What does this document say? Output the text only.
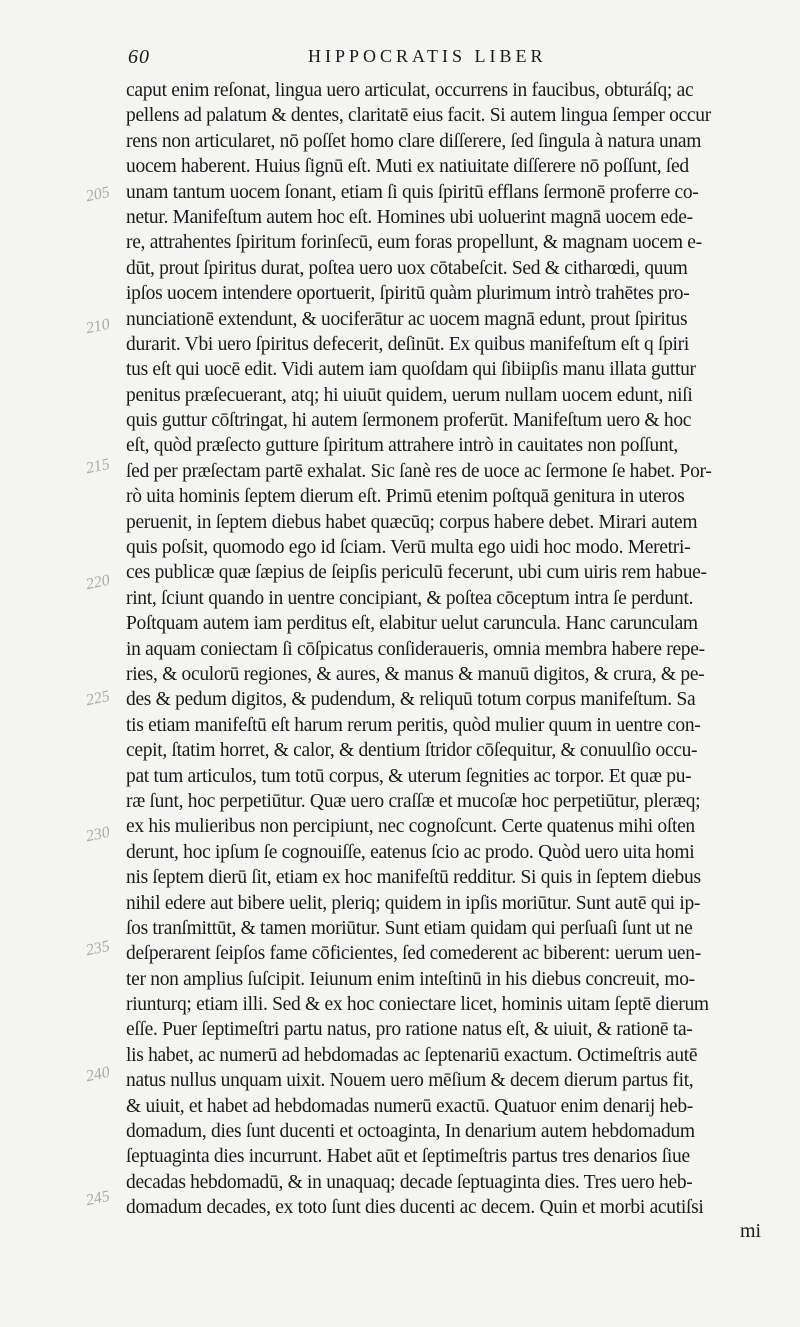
60	HIPPOCRATIS LIBER
205
210
215
220
225
230
235
240
245
caput enim reſonat, lingua uero articulat, occurrens in faucibus, obturáſq; ac
pellens ad palatum & dentes, claritatē eius facit. Si autem lingua ſemper occur
rens non articularet, nō poſſet homo clare diſſerere, ſed ſingula à natura unam
uocem haberent. Huius ſignū eſt. Muti ex natiuitate diſſerere nō poſſunt, ſed
unam tantum uocem ſonant, etiam ſi quis ſpiritū efflans ſermonē proferre co-
netur. Manifeſtum autem hoc eſt. Homines ubi uoluerint magnā uocem ede-
re, attrahentes ſpiritum forinſecū, eum foras propellunt, & magnam uocem e-
dūt, prout ſpiritus durat, poſtea uero uox cōtabeſcit. Sed & citharœdi, quum
ipſos uocem intendere oportuerit, ſpiritū quàm plurimum intrò trahētes pro-
nunciationē extendunt, & uociferātur ac uocem magnā edunt, prout ſpiritus
durarit. Vbi uero ſpiritus defecerit, deſinūt. Ex quibus manifeſtum eſt q ſpiri
tus eſt qui uocē edit. Vidi autem iam quoſdam qui ſibiipſis manu illata guttur
penitus præſecuerant, atq; hi uiuūt quidem, uerum nullam uocem edunt, niſi
quis guttur cōſtringat, hi autem ſermonem proferūt. Manifeſtum uero & hoc
eſt, quòd præſecto gutture ſpiritum attrahere intrò in cauitates non poſſunt,
ſed per præſectam partē exhalat. Sic ſanè res de uoce ac ſermone ſe habet. Por-
rò uita hominis ſeptem dierum eſt. Primū etenim poſtquā genitura in uteros
peruenit, in ſeptem diebus habet quæcūq; corpus habere debet. Mirari autem
quis poſsit, quomodo ego id ſciam. Verū multa ego uidi hoc modo. Meretri-
ces publicæ quæ ſæpius de ſeipſis periculū fecerunt, ubi cum uiris rem habue-
rint, ſciunt quando in uentre concipiant, & poſtea cōceptum intra ſe perdunt.
Poſtquam autem iam perditus eſt, elabitur uelut caruncula. Hanc carunculam
in aquam coniectam ſi cōſpicatus conſideraueris, omnia membra habere repe-
ries, & oculorū regiones, & aures, & manus & manuū digitos, & crura, & pe-
des & pedum digitos, & pudendum, & reliquū totum corpus manifeſtum. Sa
tis etiam manifeſtū eſt harum rerum peritis, quòd mulier quum in uentre con-
cepit, ſtatim horret, & calor, & dentium ſtridor cōſequitur, & conuulſio occu-
pat tum articulos, tum totū corpus, & uterum ſegnities ac torpor. Et quæ pu-
ræ ſunt, hoc perpetiūtur. Quæ uero craſſæ et mucoſæ hoc perpetiūtur, pleræq;
ex his mulieribus non percipiunt, nec cognoſcunt. Certe quatenus mihi oſten
derunt, hoc ipſum ſe cognouiſſe, eatenus ſcio ac prodo. Quòd uero uita homi
nis ſeptem dierū ſit, etiam ex hoc manifeſtū redditur. Si quis in ſeptem diebus
nihil edere aut bibere uelit, pleriq; quidem in ipſis moriūtur. Sunt autē qui ip-
ſos tranſmittūt, & tamen moriūtur. Sunt etiam quidam qui perſuaſi ſunt ut ne
deſperarent ſeipſos fame cōficientes, ſed comederent ac biberent: uerum uen-
ter non amplius ſuſcipit. Ieiunum enim inteſtinū in his diebus concreuit, mo-
riunturq; etiam illi. Sed & ex hoc coniectare licet, hominis uitam ſeptē dierum
eſſe. Puer ſeptimeſtri partu natus, pro ratione natus eſt, & uiuit, & rationē ta-
lis habet, ac numerū ad hebdomadas ac ſeptenariū exactum. Octimeſtris autē
natus nullus unquam uixit. Nouem uero mēſium & decem dierum partus fit,
& uiuit, et habet ad hebdomadas numerū exactū. Quatuor enim denarij heb-
domadum, dies ſunt ducenti et octoaginta, In denarium autem hebdomadum
ſeptuaginta dies incurrunt. Habet aūt et ſeptimeſtris partus tres denarios ſiue
decadas hebdomadū, & in unaquaq; decade ſeptuaginta dies. Tres uero heb-
domadum decades, ex toto ſunt dies ducenti ac decem. Quin et morbi acutiſsi
mi
